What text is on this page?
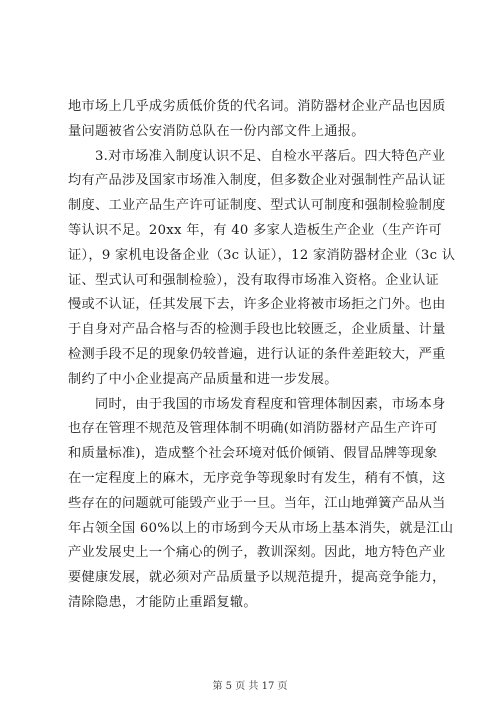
地市场上几乎成劣质低价货的代名词。消防器材企业产品也因质
量问题被省公安消防总队在一份内部文件上通报。
　　3.对市场准入制度认识不足、自检水平落后。四大特色产业
均有产品涉及国家市场准入制度，但多数企业对强制性产品认证
制度、工业产品生产许可证制度、型式认可制度和强制检验制度
等认识不足。20xx 年，有 40 多家人造板生产企业（生产许可
证），9 家机电设备企业（3c 认证），12 家消防器材企业（3c 认
证、型式认可和强制检验），没有取得市场准入资格。企业认证
慢或不认证，任其发展下去，许多企业将被市场拒之门外。也由
于自身对产品合格与否的检测手段也比较匮乏，企业质量、计量
检测手段不足的现象仍较普遍，进行认证的条件差距较大，严重
制约了中小企业提高产品质量和进一步发展。
　　同时，由于我国的市场发育程度和管理体制因素，市场本身
也存在管理不规范及管理体制不明确(如消防器材产品生产许可
和质量标准)，造成整个社会环境对低价倾销、假冒品牌等现象
在一定程度上的麻木，无序竞争等现象时有发生，稍有不慎，这
些存在的问题就可能毁产业于一旦。当年，江山地弹簧产品从当
年占领全国 60%以上的市场到今天从市场上基本消失，就是江山
产业发展史上一个痛心的例子，教训深刻。因此，地方特色产业
要健康发展，就必须对产品质量予以规范提升，提高竞争能力，
清除隐患，才能防止重蹈复辙。
第 5 页 共 17 页
